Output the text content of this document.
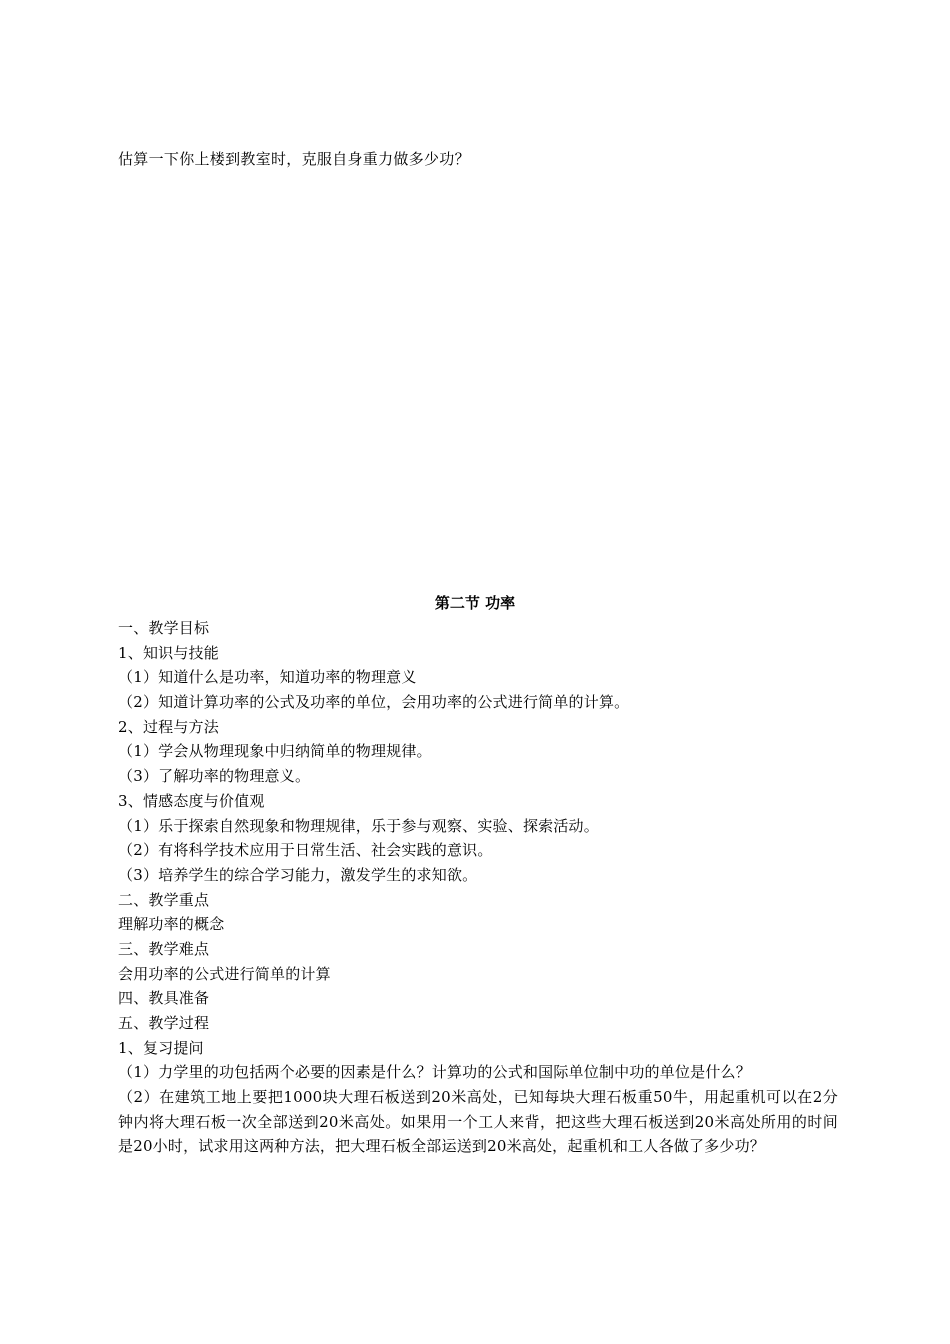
估算一下你上楼到教室时，克服自身重力做多少功？
第二节 功率
一、教学目标
1、知识与技能
（1）知道什么是功率，知道功率的物理意义
（2）知道计算功率的公式及功率的单位，会用功率的公式进行简单的计算。
2、过程与方法
（1）学会从物理现象中归纳简单的物理规律。
（3）了解功率的物理意义。
3、情感态度与价值观
（1）乐于探索自然现象和物理规律，乐于参与观察、实验、探索活动。
（2）有将科学技术应用于日常生活、社会实践的意识。
（3）培养学生的综合学习能力，激发学生的求知欲。
二、教学重点
理解功率的概念
三、教学难点
会用功率的公式进行简单的计算
四、教具准备
五、教学过程
1、复习提问
（1）力学里的功包括两个必要的因素是什么？计算功的公式和国际单位制中功的单位是什么？
（2）在建筑工地上要把1000块大理石板送到20米高处，已知每块大理石板重50牛，用起重机可以在2分钟内将大理石板一次全部送到20米高处。如果用一个工人来背，把这些大理石板送到20米高处所用的时间是20小时，试求用这两种方法，把大理石板全部运送到20米高处，起重机和工人各做了多少功？
